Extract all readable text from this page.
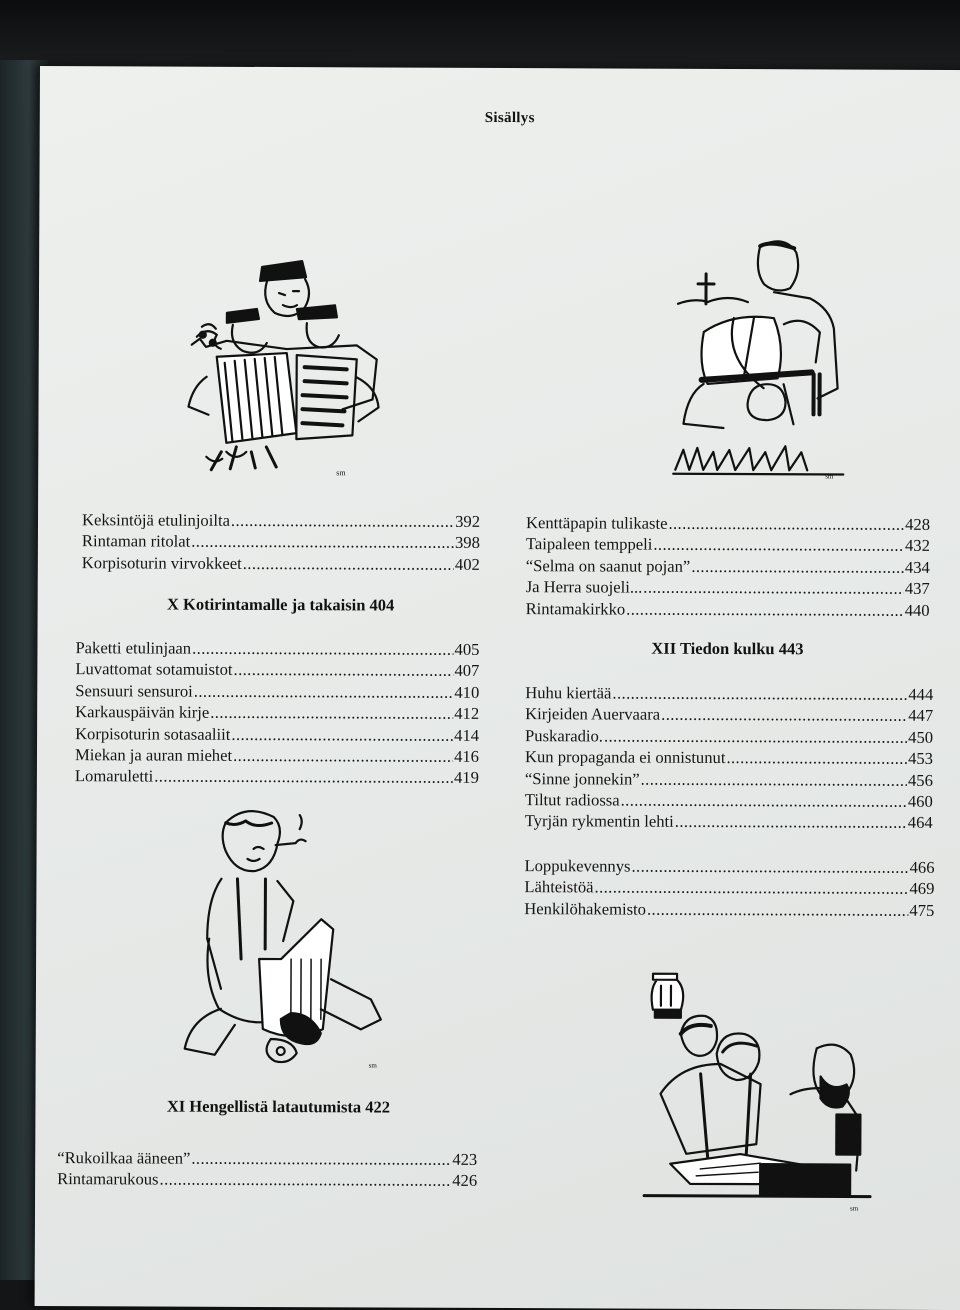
Sisällys
sm	sm
Keksintöjä etulinjoilta .....	392
Rintaman ritolat .....	398
Korpisoturin virvokkeet .....	402
X Kotirintamalle ja takaisin 404
Paketti etulinjaan .....	405
Luvattomat sotamuistot .....	407
Sensuuri sensuroi .....	410
Karkauspäivän kirje .....	412
Korpisoturin sotasaaliit .....	414
Miekan ja auran miehet .....	416
Lomaruletti .....	419
sm
XI Hengellistä latautumista 422
“Rukoilkaa ääneen” .....	423
Rintamarukous .....	426
Kenttäpapin tulikaste .....	428
Taipaleen temppeli .....	432
“Selma on saanut pojan” .....	434
Ja Herra suojeli... .....	437
Rintamakirkko .....	440
XII Tiedon kulku 443
Huhu kiertää .....	444
Kirjeiden Auervaara .....	447
Puskaradio. .....	450
Kun propaganda ei onnistunut .....	453
“Sinne jonnekin” .....	456
Tiltut radiossa .....	460
Tyrjän rykmentin lehti .....	464
Loppukevennys .....	466
Lähteistöä .....	469
Henkilöhakemisto .....	475
sm
